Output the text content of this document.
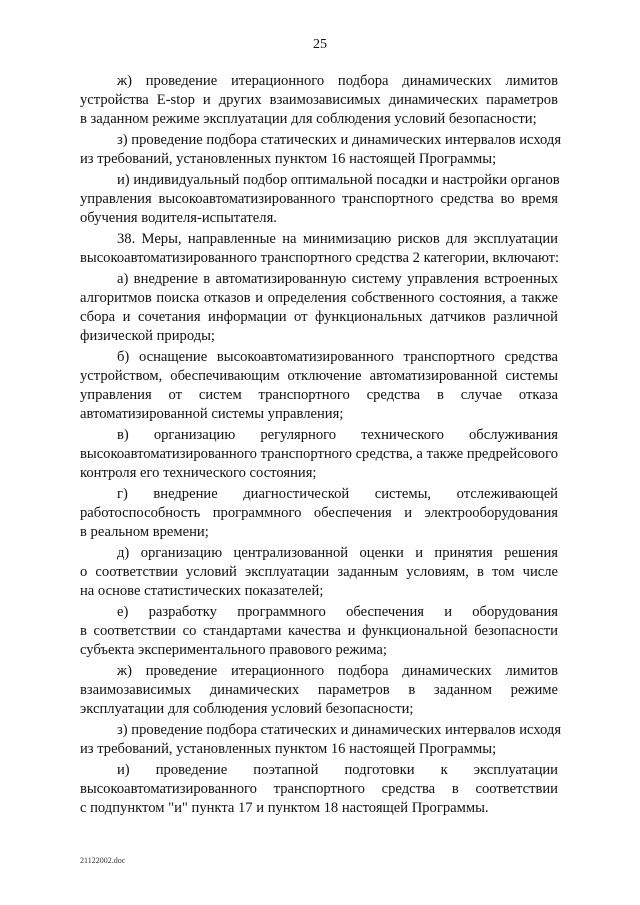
25

ж) проведение итерационного подбора динамических лимитов
устройства E-stop и других взаимозависимых динамических параметров
в заданном режиме эксплуатации для соблюдения условий безопасности;

з) проведение подбора статических и динамических интервалов исходя
из требований, установленных пунктом 16 настоящей Программы;

и) индивидуальный подбор оптимальной посадки и настройки органов
управления высокоавтоматизированного транспортного средства во время
обучения водителя-испытателя.

38. Меры, направленные на минимизацию рисков для эксплуатации
высокоавтоматизированного транспортного средства 2 категории, включают:

а) внедрение в автоматизированную систему управления встроенных
алгоритмов поиска отказов и определения собственного состояния, а также
сбора и сочетания информации от функциональных датчиков различной
физической природы;

б) оснащение высокоавтоматизированного транспортного средства
устройством, обеспечивающим отключение автоматизированной системы
управления от систем транспортного средства в случае отказа
автоматизированной системы управления;

в) организацию регулярного технического обслуживания
высокоавтоматизированного транспортного средства, а также предрейсового
контроля его технического состояния;

г) внедрение диагностической системы, отслеживающей
работоспособность программного обеспечения и электрооборудования
в реальном времени;

д) организацию централизованной оценки и принятия решения
о соответствии условий эксплуатации заданным условиям, в том числе
на основе статистических показателей;

е) разработку программного обеспечения и оборудования
в соответствии со стандартами качества и функциональной безопасности
субъекта экспериментального правового режима;

ж) проведение итерационного подбора динамических лимитов
взаимозависимых динамических параметров в заданном режиме
эксплуатации для соблюдения условий безопасности;

з) проведение подбора статических и динамических интервалов исходя
из требований, установленных пунктом 16 настоящей Программы;

и) проведение поэтапной подготовки к эксплуатации
высокоавтоматизированного транспортного средства в соответствии
с подпунктом "и" пункта 17 и пунктом 18 настоящей Программы.

21122002.doc
